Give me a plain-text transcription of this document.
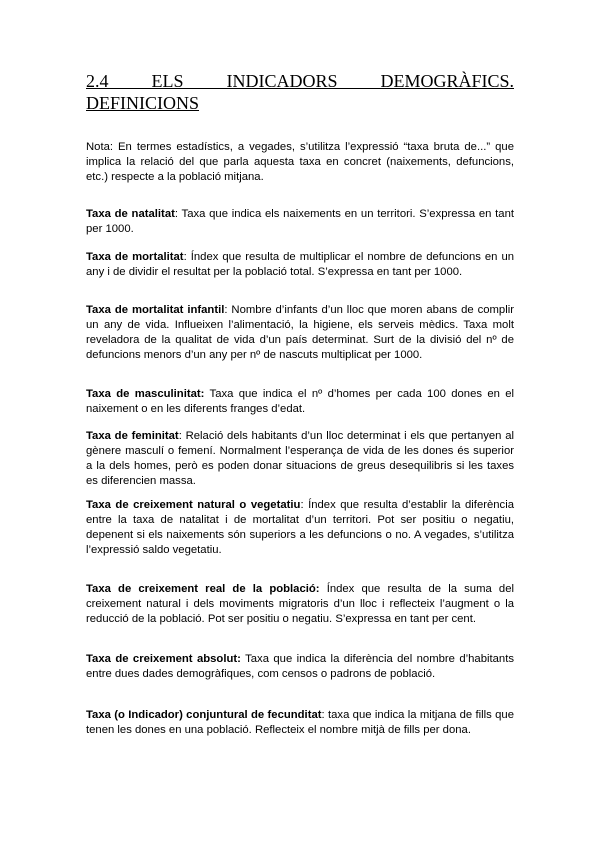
2.4 ELS INDICADORS DEMOGRÀFICS. DEFINICIONS

Nota: En termes estadístics, a vegades, s’utilitza l’expressió “taxa bruta de...” que implica la relació del que parla aquesta taxa en concret (naixements, defuncions, etc.) respecte a la població mitjana.

Taxa de natalitat: Taxa que indica els naixements en un territori. S’expressa en tant per 1000.

Taxa de mortalitat: Índex que resulta de multiplicar el nombre de defuncions en un any i de dividir el resultat per la població total. S’expressa en tant per 1000.

Taxa de mortalitat infantil: Nombre d’infants d’un lloc que moren abans de complir un any de vida. Influeixen l’alimentació, la higiene, els serveis mèdics. Taxa molt reveladora de la qualitat de vida d’un país determinat. Surt de la divisió del nº de defuncions menors d’un any per nº de nascuts multiplicat per 1000.

Taxa de masculinitat: Taxa que indica el nº d’homes per cada 100 dones en el naixement o en les diferents franges d’edat.

Taxa de feminitat: Relació dels habitants d’un lloc determinat i els que pertanyen al gènere masculí o femení. Normalment l’esperança de vida de les dones és superior a la dels homes, però es poden donar situacions de greus desequilibris si les taxes es diferencien massa.

Taxa de creixement natural o vegetatiu: Índex que resulta d’establir la diferència entre la taxa de natalitat i de mortalitat d’un territori. Pot ser positiu o negatiu, depenent si els naixements són superiors a les defuncions o no. A vegades, s’utilitza l’expressió saldo vegetatiu.

Taxa de creixement real de la població: Índex que resulta de la suma del creixement natural i dels moviments migratoris d’un lloc i reflecteix l’augment o la reducció de la població. Pot ser positiu o negatiu. S’expressa en tant per cent.

Taxa de creixement absolut: Taxa que indica la diferència del nombre d’habitants entre dues dades demogràfiques, com censos o padrons de població.

Taxa (o Indicador) conjuntural de fecunditat: taxa que indica la mitjana de fills que tenen les dones en una població. Reflecteix el nombre mitjà de fills per dona.
